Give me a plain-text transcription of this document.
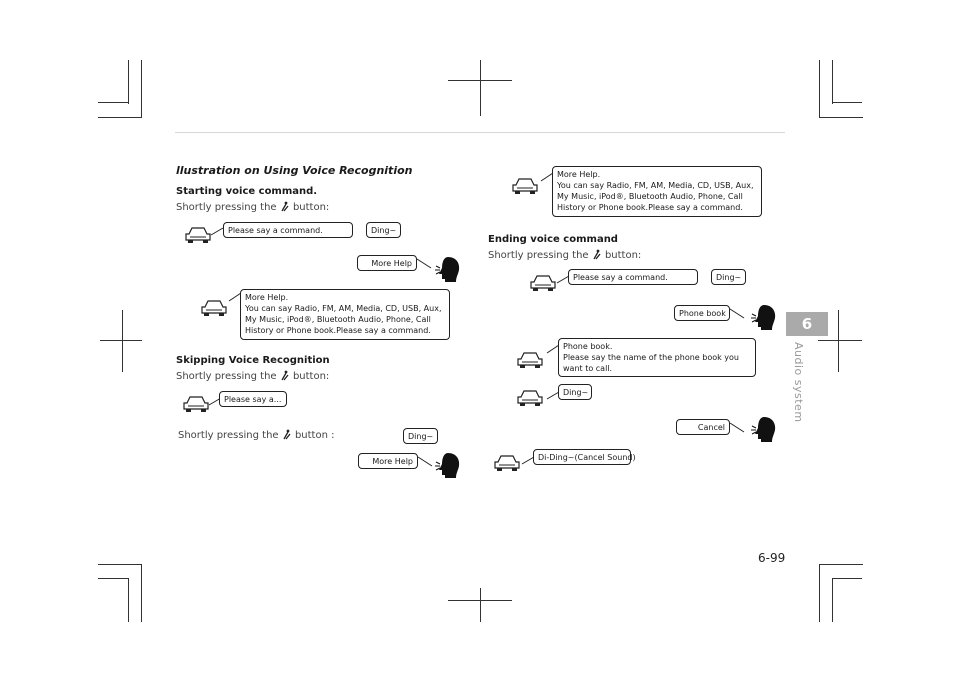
llustration on Using Voice Recognition
Starting voice command.
Shortly pressing the button:
Please say a command.	Ding~
More Help
More Help.
You can say Radio, FM, AM, Media, CD, USB, Aux, My Music, iPod®, Bluetooth Audio, Phone, Call History or Phone book.Please say a command.
Skipping Voice Recognition
Shortly pressing the button:
Please say a...
Shortly pressing the button :	Ding~
More Help
More Help.
You can say Radio, FM, AM, Media, CD, USB, Aux, My Music, iPod®, Bluetooth Audio, Phone, Call History or Phone book.Please say a command.
Ending voice command
Shortly pressing the button:
Please say a command.	Ding~
Phone book
Phone book.
Please say the name of the phone book you want to call.
Ding~
Cancel
Di-Ding~(Cancel Sound)
6
Audio system
6-99
